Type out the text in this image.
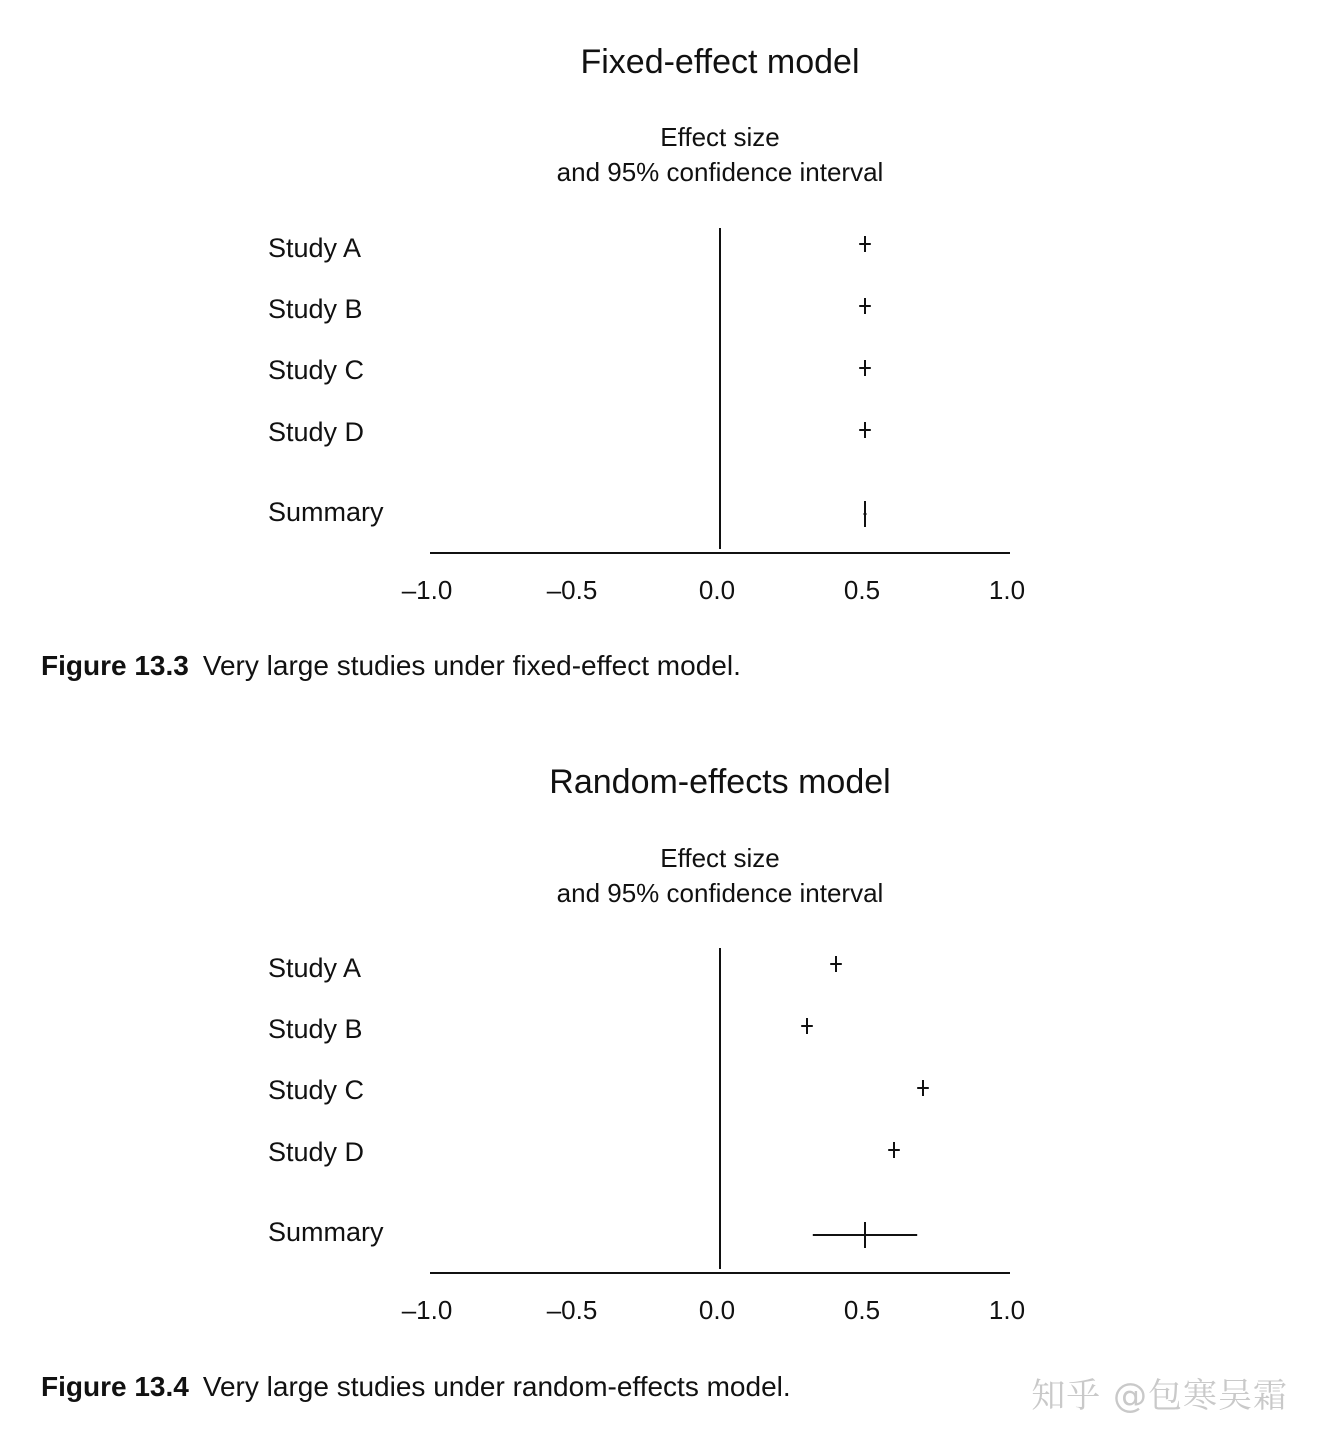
Fixed-effect model
Effect size
and 95% confidence interval
–1.0	–0.5	0.0	0.5	1.0
Study A
Study B
Study C
Study D
Summary
Random-effects model
Effect size
and 95% confidence interval
–1.0	–0.5	0.0	0.5	1.0
Study A
Study B
Study C
Study D
Summary
Figure 13.3 Very large studies under fixed-effect model.
Figure 13.4 Very large studies under random-effects model.	知乎 @包寒吴霜
